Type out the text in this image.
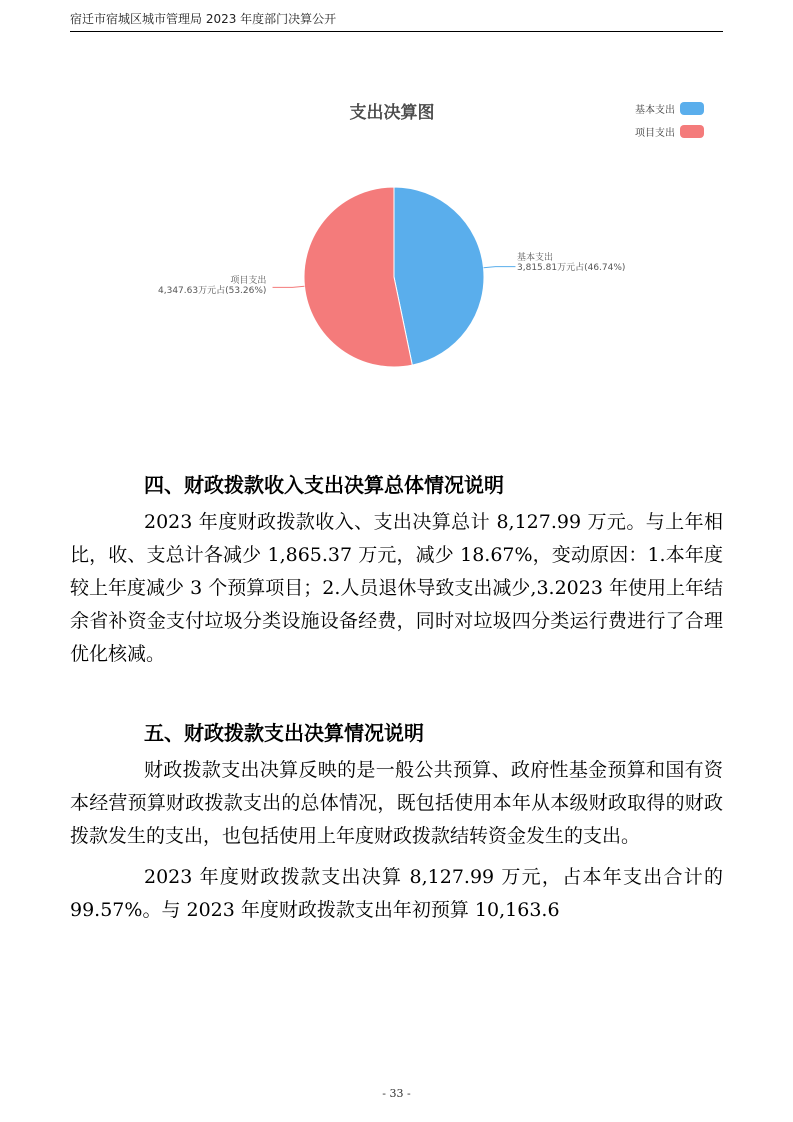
宿迁市宿城区城市管理局 2023 年度部门决算公开
支出决算图	基本支出
项目支出
基本支出
3,815.81万元占(46.74%)
项目支出
4,347.63万元占(53.26%)
四、财政拨款收入支出决算总体情况说明

2023 年度财政拨款收入、支出决算总计 8,127.99 万元。与上年相比，收、支总计各减少 1,865.37 万元，减少 18.67%，变动原因：1.本年度较上年度减少 3 个预算项目；2.人员退休导致支出减少,3.2023 年使用上年结余省补资金支付垃圾分类设施设备经费，同时对垃圾四分类运行费进行了合理优化核减。

五、财政拨款支出决算情况说明

财政拨款支出决算反映的是一般公共预算、政府性基金预算和国有资本经营预算财政拨款支出的总体情况，既包括使用本年从本级财政取得的财政拨款发生的支出，也包括使用上年度财政拨款结转资金发生的支出。

2023 年度财政拨款支出决算 8,127.99 万元，占本年支出合计的 99.57%。与 2023 年度财政拨款支出年初预算 10,163.6

- 33 -
